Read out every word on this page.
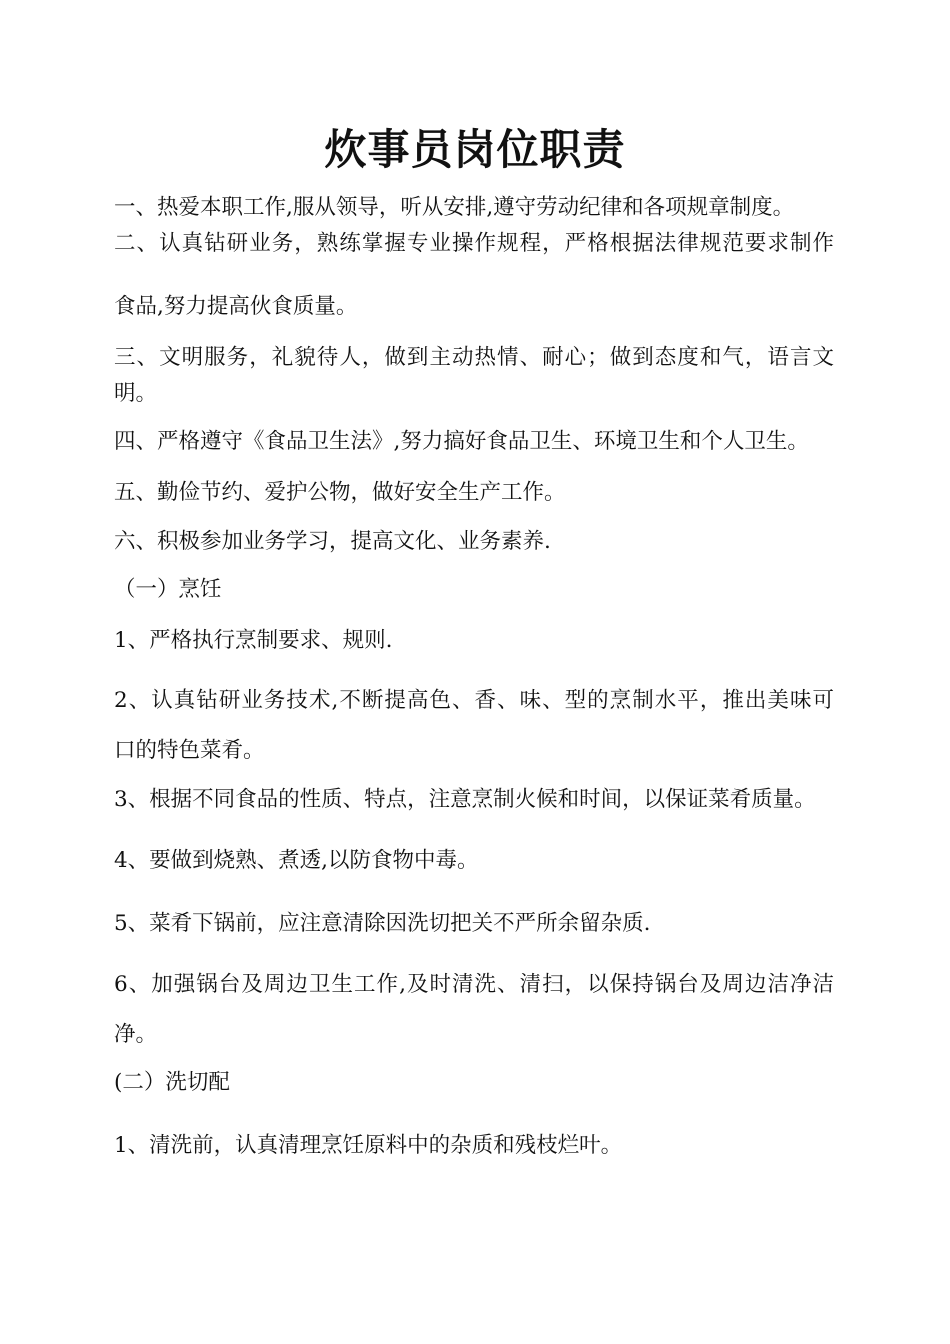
炊事员岗位职责
一、热爱本职工作,服从领导，听从安排,遵守劳动纪律和各项规章制度。
二、认真钻研业务，熟练掌握专业操作规程，严格根据法律规范要求制作
食品,努力提高伙食质量。
三、文明服务，礼貌待人，做到主动热情、耐心；做到态度和气，语言文
明。
四、严格遵守《食品卫生法》,努力搞好食品卫生、环境卫生和个人卫生。
五、勤俭节约、爱护公物，做好安全生产工作。
六、积极参加业务学习，提高文化、业务素养.
（一）烹饪
1、严格执行烹制要求、规则.
2、认真钻研业务技术,不断提高色、香、味、型的烹制水平，推出美味可
口的特色菜肴。
3、根据不同食品的性质、特点，注意烹制火候和时间，以保证菜肴质量。
4、要做到烧熟、煮透,以防食物中毒。
5、菜肴下锅前，应注意清除因洗切把关不严所余留杂质.
6、加强锅台及周边卫生工作,及时清洗、清扫，以保持锅台及周边洁净洁
净。
(二）洗切配
1、清洗前，认真清理烹饪原料中的杂质和残枝烂叶。
